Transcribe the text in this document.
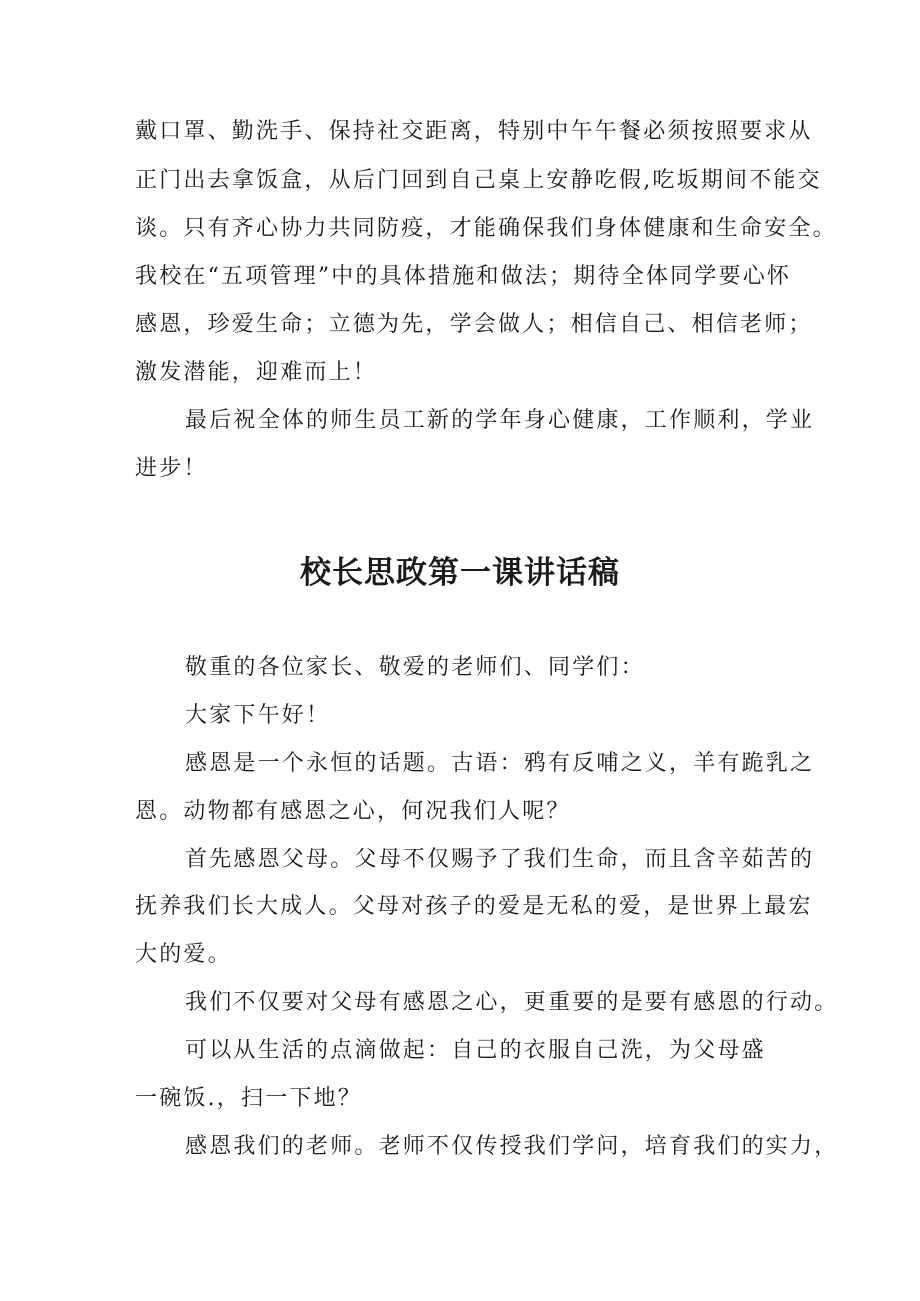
戴口罩、勤洗手、保持社交距离，特别中午午餐必须按照要求从
正门出去拿饭盒，从后门回到自己桌上安静吃假,吃坂期间不能交
谈。只有齐心协力共同防疫，才能确保我们身体健康和生命安全。
我校在“五项管理”中的具体措施和做法；期待全体同学要心怀
感恩，珍爱生命；立德为先，学会做人；相信自己、相信老师；
激发潜能，迎难而上！
最后祝全体的师生员工新的学年身心健康，工作顺利，学业
进步！
校长思政第一课讲话稿
敬重的各位家长、敬爱的老师们、同学们：
大家下午好！
感恩是一个永恒的话题。古语：鸦有反哺之义，羊有跪乳之
恩。动物都有感恩之心，何况我们人呢？
首先感恩父母。父母不仅赐予了我们生命，而且含辛茹苦的
抚养我们长大成人。父母对孩子的爱是无私的爱，是世界上最宏
大的爱。
我们不仅要对父母有感恩之心，更重要的是要有感恩的行动。
可以从生活的点滴做起：自己的衣服自己洗，为父母盛
一碗饭.，扫一下地？
感恩我们的老师。老师不仅传授我们学问，培育我们的实力，
